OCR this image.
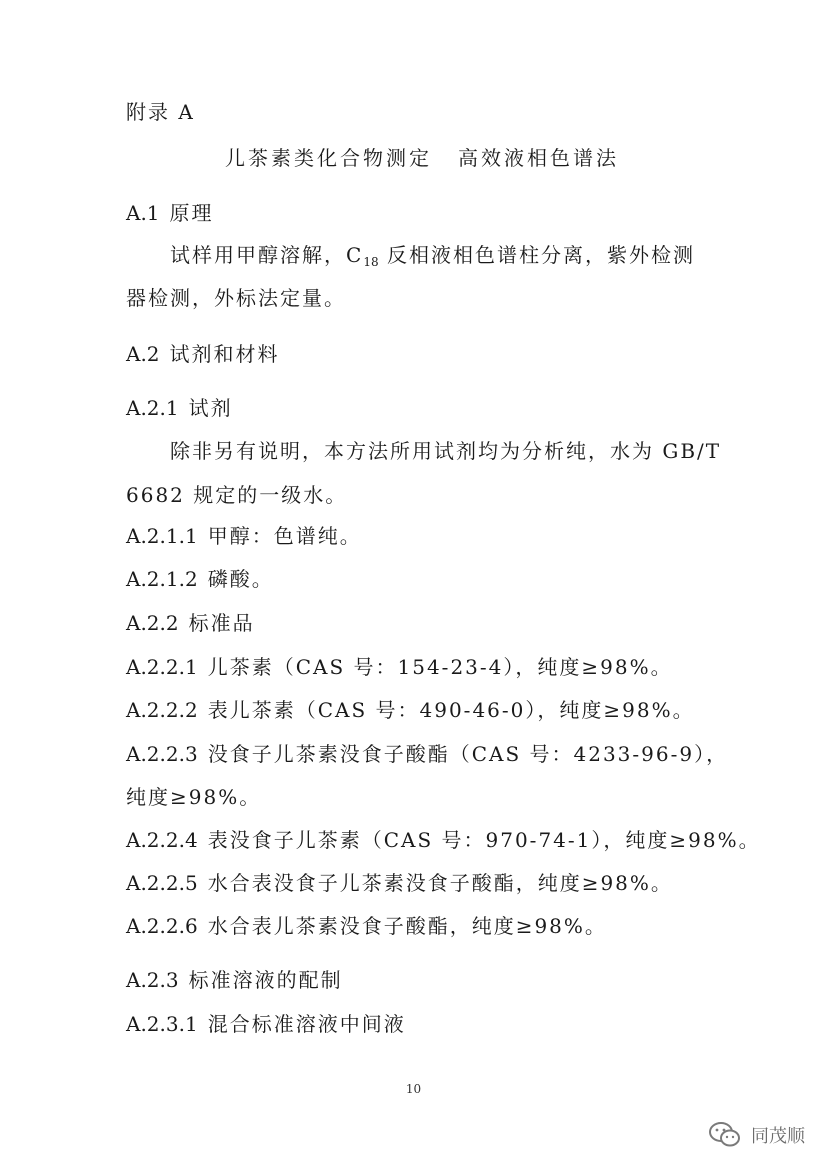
附录 A
儿茶素类化合物测定 高效液相色谱法
A.1 原理
试样用甲醇溶解，$C_{18}$ 反相液相色谱柱分离，紫外检测
器检测，外标法定量。
A.2 试剂和材料
A.2.1 试剂
除非另有说明，本方法所用试剂均为分析纯，水为 GB/T
6682 规定的一级水。
A.2.1.1 甲醇：色谱纯。
A.2.1.2 磷酸。
A.2.2 标准品
A.2.2.1 儿茶素（CAS 号：154-23-4），纯度≥98%。
A.2.2.2 表儿茶素（CAS 号：490-46-0），纯度≥98%。
A.2.2.3 没食子儿茶素没食子酸酯（CAS 号：4233-96-9），
纯度≥98%。
A.2.2.4 表没食子儿茶素（CAS 号：970-74-1），纯度≥98%。
A.2.2.5 水合表没食子儿茶素没食子酸酯，纯度≥98%。
A.2.2.6 水合表儿茶素没食子酸酯，纯度≥98%。
A.2.3 标准溶液的配制
A.2.3.1 混合标准溶液中间液
10
同茂顺
